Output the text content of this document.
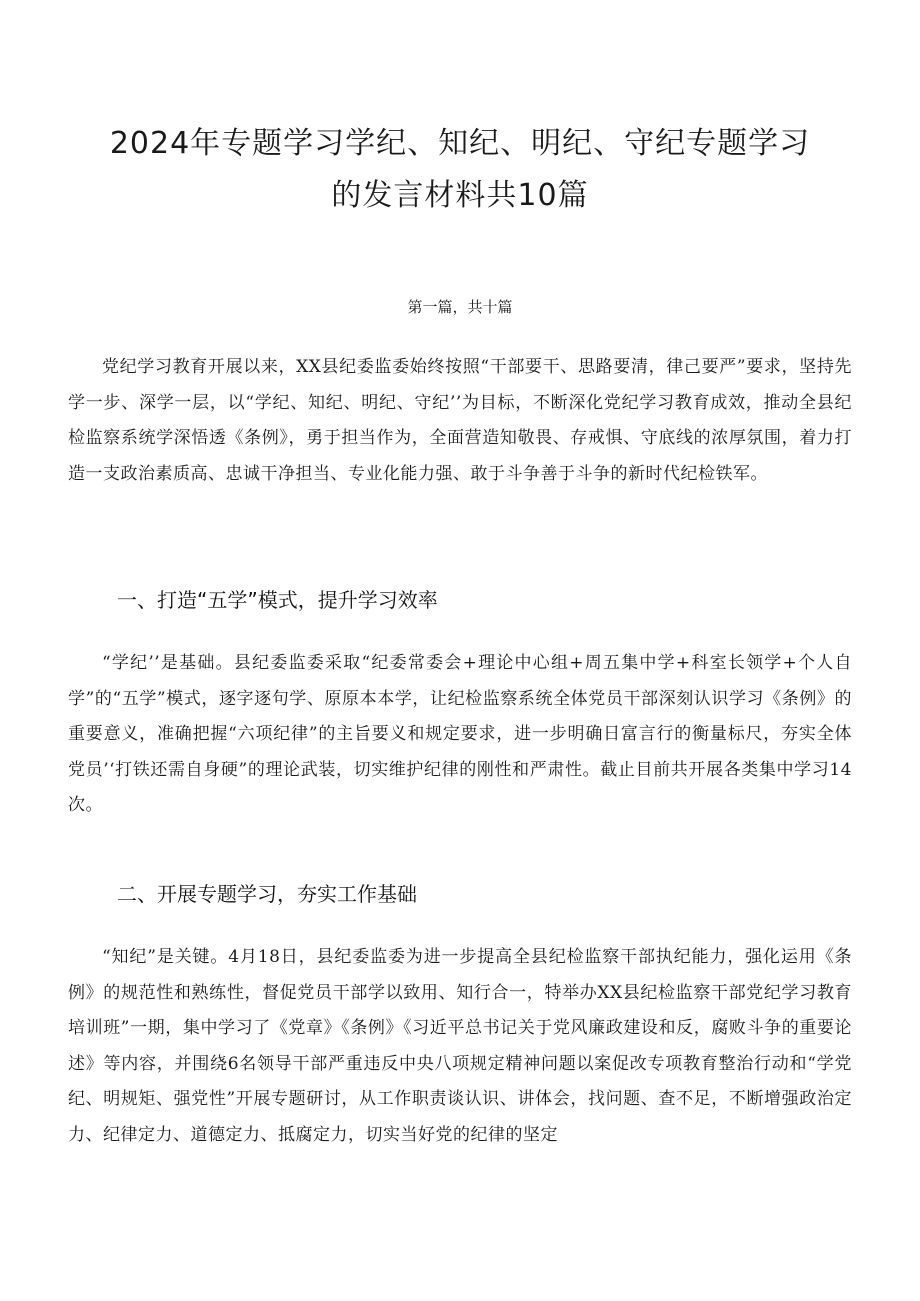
2024年专题学习学纪、知纪、明纪、守纪专题学习
的发言材料共10篇
第一篇，共十篇

党纪学习教育开展以来，XX县纪委监委始终按照“干部要干、思路要清，律己要严”要求，坚持先学一步、深学一层，以“学纪、知纪、明纪、守纪’’为目标，不断深化党纪学习教育成效，推动全县纪检监察系统学深悟透《条例》，勇于担当作为，全面营造知敬畏、存戒惧、守底线的浓厚氛围，着力打造一支政治素质高、忠诚干净担当、专业化能力强、敢于斗争善于斗争的新时代纪检铁军。

一、打造“五学”模式，提升学习效率

“学纪’’是基础。县纪委监委采取“纪委常委会+理论中心组+周五集中学+科室长领学+个人自学”的“五学”模式，逐字逐句学、原原本本学，让纪检监察系统全体党员干部深刻认识学习《条例》的重要意义，准确把握“六项纪律”的主旨要义和规定要求，进一步明确日富言行的衡量标尺，夯实全体党员’‘打铁还需自身硬”的理论武装，切实维护纪律的刚性和严肃性。截止目前共开展各类集中学习14次。

二、开展专题学习，夯实工作基础

“知纪”是关键。4月18日，县纪委监委为进一步提高全县纪检监察干部执纪能力，强化运用《条例》的规范性和熟练性，督促党员干部学以致用、知行合一，特举办XX县纪检监察干部党纪学习教育培训班”一期，集中学习了《党章》《条例》《习近平总书记关于党风廉政建设和反，腐败斗争的重要论述》等内容，并围绕6名领导干部严重违反中央八项规定精神问题以案促改专项教育整治行动和“学党纪、明规矩、强党性”开展专题研讨，从工作职责谈认识、讲体会，找问题、查不足，不断增强政治定力、纪律定力、道德定力、抵腐定力，切实当好党的纪律的坚定
